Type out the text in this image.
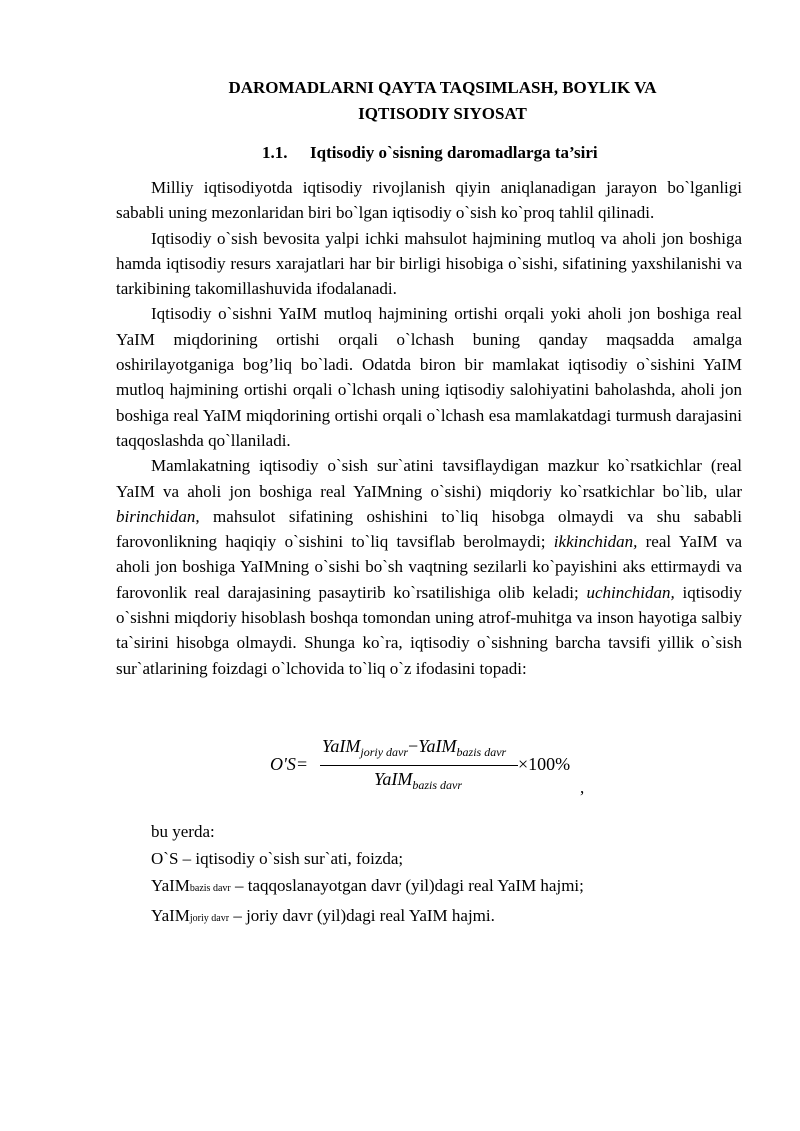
DAROMADLARNI QAYTA TAQSIMLASH, BOYLIK VA IQTISODIY SIYOSAT
1.1. Iqtisodiy o`sisning daromadlarga ta’siri

Milliy iqtisodiyotda iqtisodiy rivojlanish qiyin aniqlanadigan jarayon bo`lganligi sababli uning mezonlaridan biri bo`lgan iqtisodiy o`sish ko`proq tahlil qilinadi.

Iqtisodiy o`sish bevosita yalpi ichki mahsulot hajmining mutloq va aholi jon boshiga hamda iqtisodiy resurs xarajatlari har bir birligi hisobiga o`sishi, sifatining yaxshilanishi va tarkibining takomillashuvida ifodalanadi.

Iqtisodiy o`sishni YaIM mutloq hajmining ortishi orqali yoki aholi jon boshiga real YaIM miqdorining ortishi orqali o`lchash buning qanday maqsadda amalga oshirilayotganiga bog’liq bo`ladi. Odatda biron bir mamlakat iqtisodiy o`sishini YaIM mutloq hajmining ortishi orqali o`lchash uning iqtisodiy salohiyatini baholashda, aholi jon boshiga real YaIM miqdorining ortishi orqali o`lchash esa mamlakatdagi turmush darajasini taqqoslashda qo`llaniladi.

Mamlakatning iqtisodiy o`sish sur`atini tavsiflaydigan mazkur ko`rsatkichlar (real YaIM va aholi jon boshiga real YaIMning o`sishi) miqdoriy ko`rsatkichlar bo`lib, ular birinchidan, mahsulot sifatining oshishini to`liq hisobga olmaydi va shu sababli farovonlikning haqiqiy o`sishini to`liq tavsiflab berolmaydi; ikkinchidan, real YaIM va aholi jon boshiga YaIMning o`sishi bo`sh vaqtning sezilarli ko`payishini aks ettirmaydi va farovonlik real darajasining pasaytirib ko`rsatilishiga olib keladi; uchinchidan, iqtisodiy o`sishni miqdoriy hisoblash boshqa tomondan uning atrof-muhitga va inson hayotiga salbiy ta`sirini hisobga olmaydi. Shunga ko`ra, iqtisodiy o`sishning barcha tavsifi yillik o`sish sur`atlarining foizdagi o`lchovida to`liq o`z ifodasini topadi:

O'S=
YaIM$_{joriy davr}$−YaIM$_{bazis davr}$
YaIM$_{bazis davr}$
×100%
,
bu yerda:
O`S – iqtisodiy o`sish sur`ati, foizda;
YaIMbazis davr – taqqoslanayotgan davr (yil)dagi real YaIM hajmi;
YaIMjoriy davr – joriy davr (yil)dagi real YaIM hajmi.
